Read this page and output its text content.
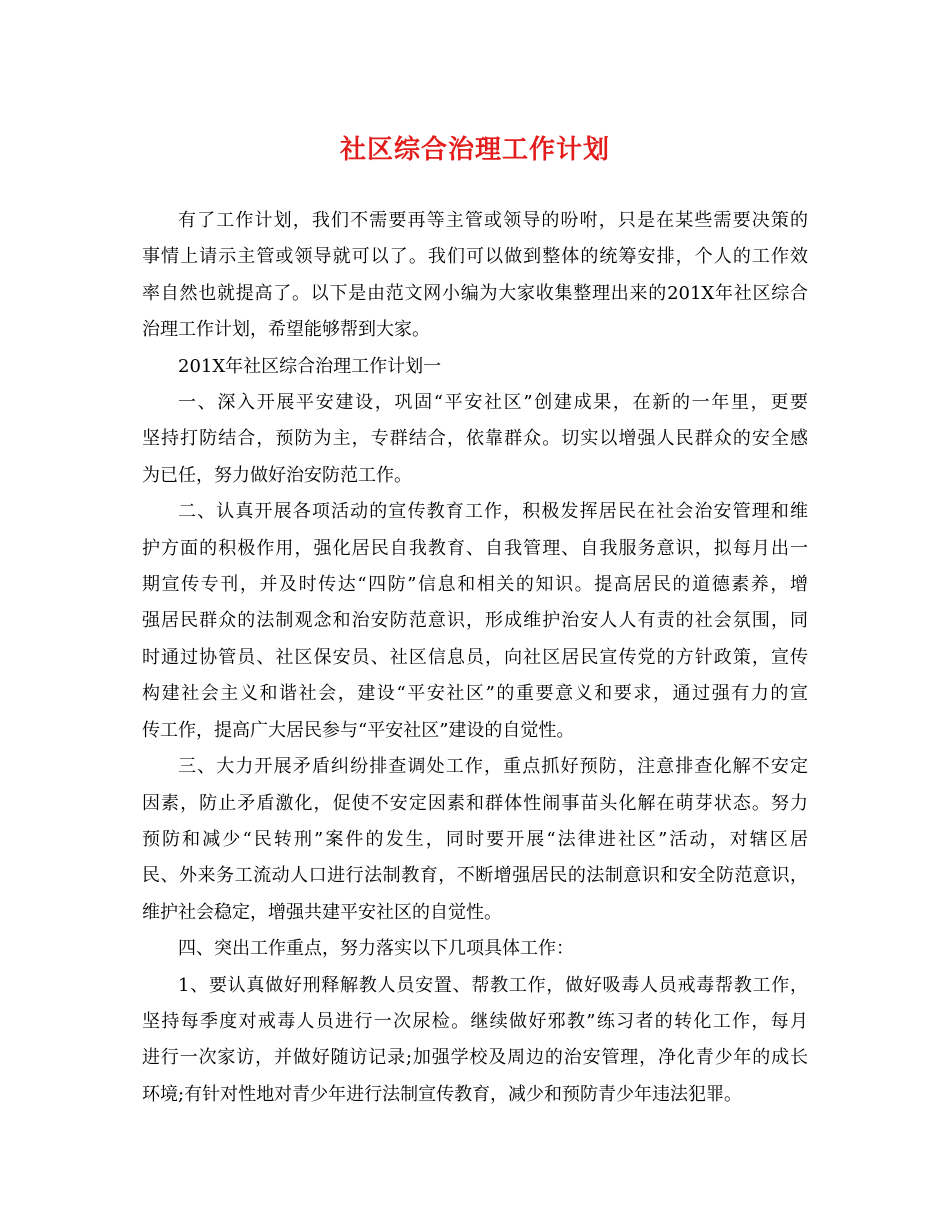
社区综合治理工作计划
有了工作计划，我们不需要再等主管或领导的吩咐，只是在某些需要决策的
事情上请示主管或领导就可以了。我们可以做到整体的统筹安排，个人的工作效
率自然也就提高了。以下是由范文网小编为大家收集整理出来的201X年社区综合
治理工作计划，希望能够帮到大家。
201X年社区综合治理工作计划一
一、深入开展平安建设，巩固“平安社区”创建成果，在新的一年里，更要
坚持打防结合，预防为主，专群结合，依靠群众。切实以增强人民群众的安全感
为已任，努力做好治安防范工作。
二、认真开展各项活动的宣传教育工作，积极发挥居民在社会治安管理和维
护方面的积极作用，强化居民自我教育、自我管理、自我服务意识，拟每月出一
期宣传专刊，并及时传达“四防”信息和相关的知识。提高居民的道德素养，增
强居民群众的法制观念和治安防范意识，形成维护治安人人有责的社会氛围，同
时通过协管员、社区保安员、社区信息员，向社区居民宣传党的方针政策，宣传
构建社会主义和谐社会，建设“平安社区”的重要意义和要求，通过强有力的宣
传工作，提高广大居民参与“平安社区”建设的自觉性。
三、大力开展矛盾纠纷排查调处工作，重点抓好预防，注意排查化解不安定
因素，防止矛盾激化，促使不安定因素和群体性闹事苗头化解在萌芽状态。努力
预防和减少“民转刑”案件的发生，同时要开展“法律进社区”活动，对辖区居
民、外来务工流动人口进行法制教育，不断增强居民的法制意识和安全防范意识，
维护社会稳定，增强共建平安社区的自觉性。
四、突出工作重点，努力落实以下几项具体工作：
1、要认真做好刑释解教人员安置、帮教工作，做好吸毒人员戒毒帮教工作，
坚持每季度对戒毒人员进行一次尿检。继续做好邪教”练习者的转化工作，每月
进行一次家访，并做好随访记录;加强学校及周边的治安管理，净化青少年的成长
环境;有针对性地对青少年进行法制宣传教育，减少和预防青少年违法犯罪。
